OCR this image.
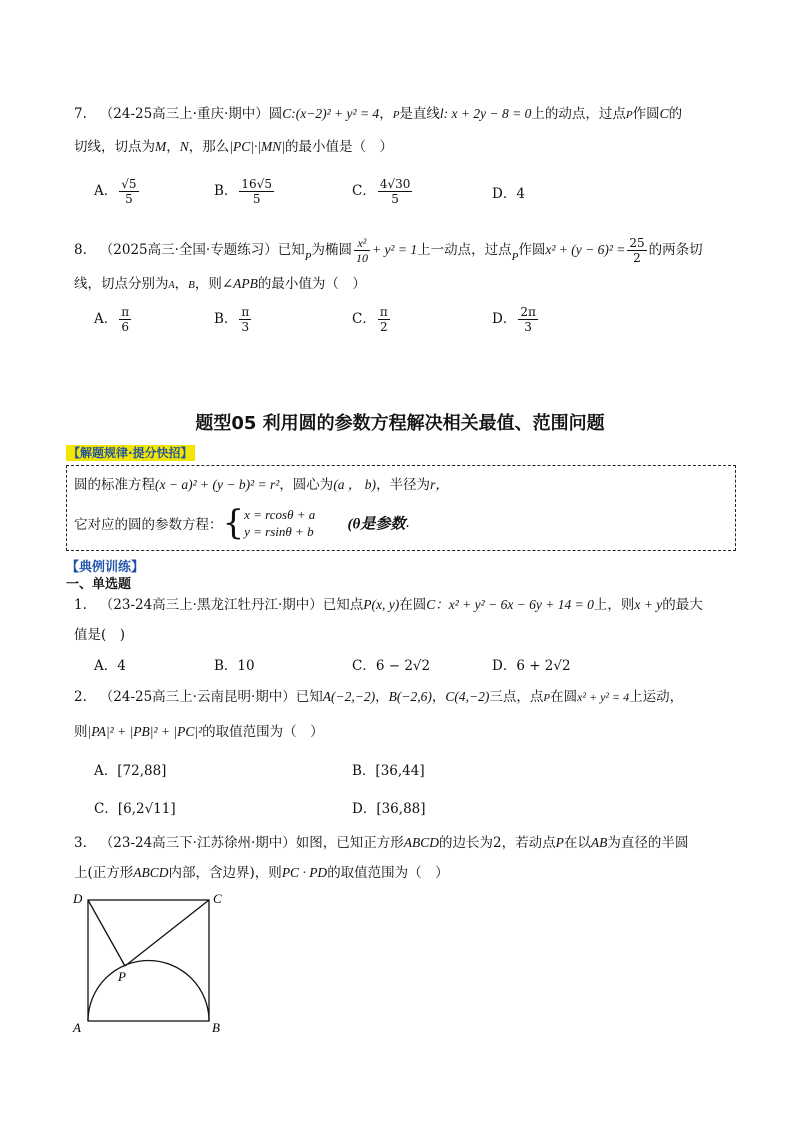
7. （24-25高三上·重庆·期中）圆C:(x−2)² + y² = 4，P是直线l: x + 2y − 8 = 0上的动点，过点P作圆C的
切线，切点为M，N，那么|PC|·|MN|的最小值是（　）
A． $\frac{√5}{5}$	B． $\frac{16√5}{5}$	C． $\frac{4√30}{5}$	D．4
8. （2025高三·全国·专题练习）已知$_P$为椭圆 $\frac{\text{x²}}{10} + y^2 = 1$上一动点，过点$_P$作圆$x^2 + (y - 6)^2 = \frac{25}{2}$ 的两条切
线，切点分别为A，B，则∠APB的最小值为（　）
A． $\frac{\pi}{6}$	B． $\frac{\pi}{3}$	C． $\frac{\pi}{2}$	D． $\frac{2\pi}{3}$
题型05 利用圆的参数方程解决相关最值、范围问题
【解题规律·提分快招】
圆的标准方程(x − a)² + (y − b)² = r²，圆心为(a ， b)，半径为r，
它对应的圆的参数方程：{ x = rcosθ + a
y = rsinθ + b (θ是参数.
【典例训练】
一、单选题
1. （23-24高三上·黑龙江牡丹江·期中）已知点P(x, y)在圆C：x² + y² − 6x − 6y + 14 = 0上，则x + y的最大
值是(　)
A．4	B．10	C．6 − 2√2	D．6 + 2√2
2. （24-25高三上·云南昆明·期中）已知A(−2,−2)，B(−2,6)，C(4,−2)三点，点P在圆x² + y² = 4上运动，
则|PA|² + |PB|² + |PC|²的取值范围为（　）
A．[72,88]	B．[36,44]
C．[6,2√11]	D．[36,88]
3. （23-24高三下·江苏徐州·期中）如图，已知正方形ABCD的边长为2，若动点P在以AB为直径的半圆
上(正方形ABCD内部，含边界)，则PC · PD的取值范围为（　）
D	C
A	B
P
